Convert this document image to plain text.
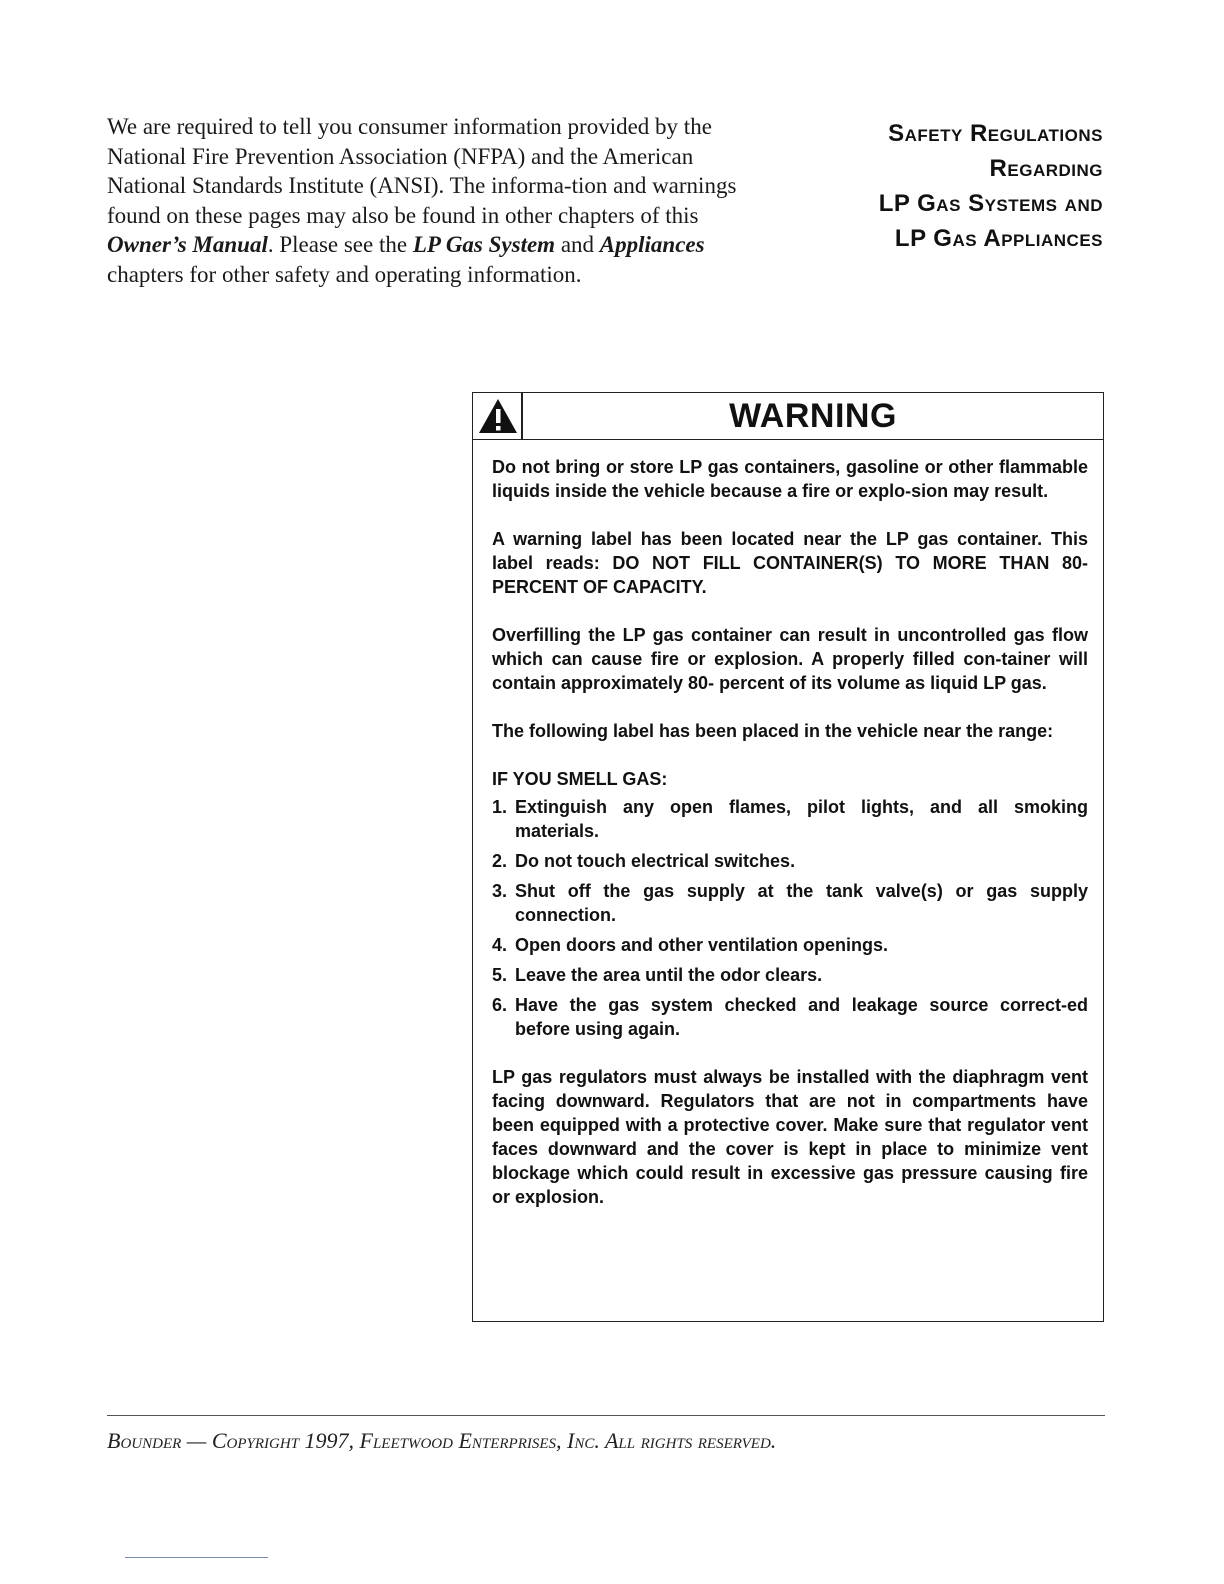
We are required to tell you consumer information provided by the National Fire Prevention Association (NFPA) and the American National Standards Institute (ANSI). The informa-tion and warnings found on these pages may also be found in other chapters of this Owner’s Manual. Please see the LP Gas System and Appliances chapters for other safety and operating information.
Safety Regulations
Regarding
LP Gas Systems and
LP Gas Appliances
WARNING

Do not bring or store LP gas containers, gasoline or other flammable liquids inside the vehicle because a fire or explo-sion may result.

A warning label has been located near the LP gas container. This label reads: DO NOT FILL CONTAINER(S) TO MORE THAN 80-PERCENT OF CAPACITY.

Overfilling the LP gas container can result in uncontrolled gas flow which can cause fire or explosion. A properly filled con-tainer will contain approximately 80- percent of its volume as liquid LP gas.

The following label has been placed in the vehicle near the range:

IF YOU SMELL GAS:
1. Extinguish any open flames, pilot lights, and all smoking materials.
2. Do not touch electrical switches.
3. Shut off the gas supply at the tank valve(s) or gas supply connection.
4. Open doors and other ventilation openings.
5. Leave the area until the odor clears.
6. Have the gas system checked and leakage source correct-ed before using again.

LP gas regulators must always be installed with the diaphragm vent facing downward. Regulators that are not in compartments have been equipped with a protective cover. Make sure that regulator vent faces downward and the cover is kept in place to minimize vent blockage which could result in excessive gas pressure causing fire or explosion.

Bounder — Copyright 1997, Fleetwood Enterprises, Inc. All rights reserved.
